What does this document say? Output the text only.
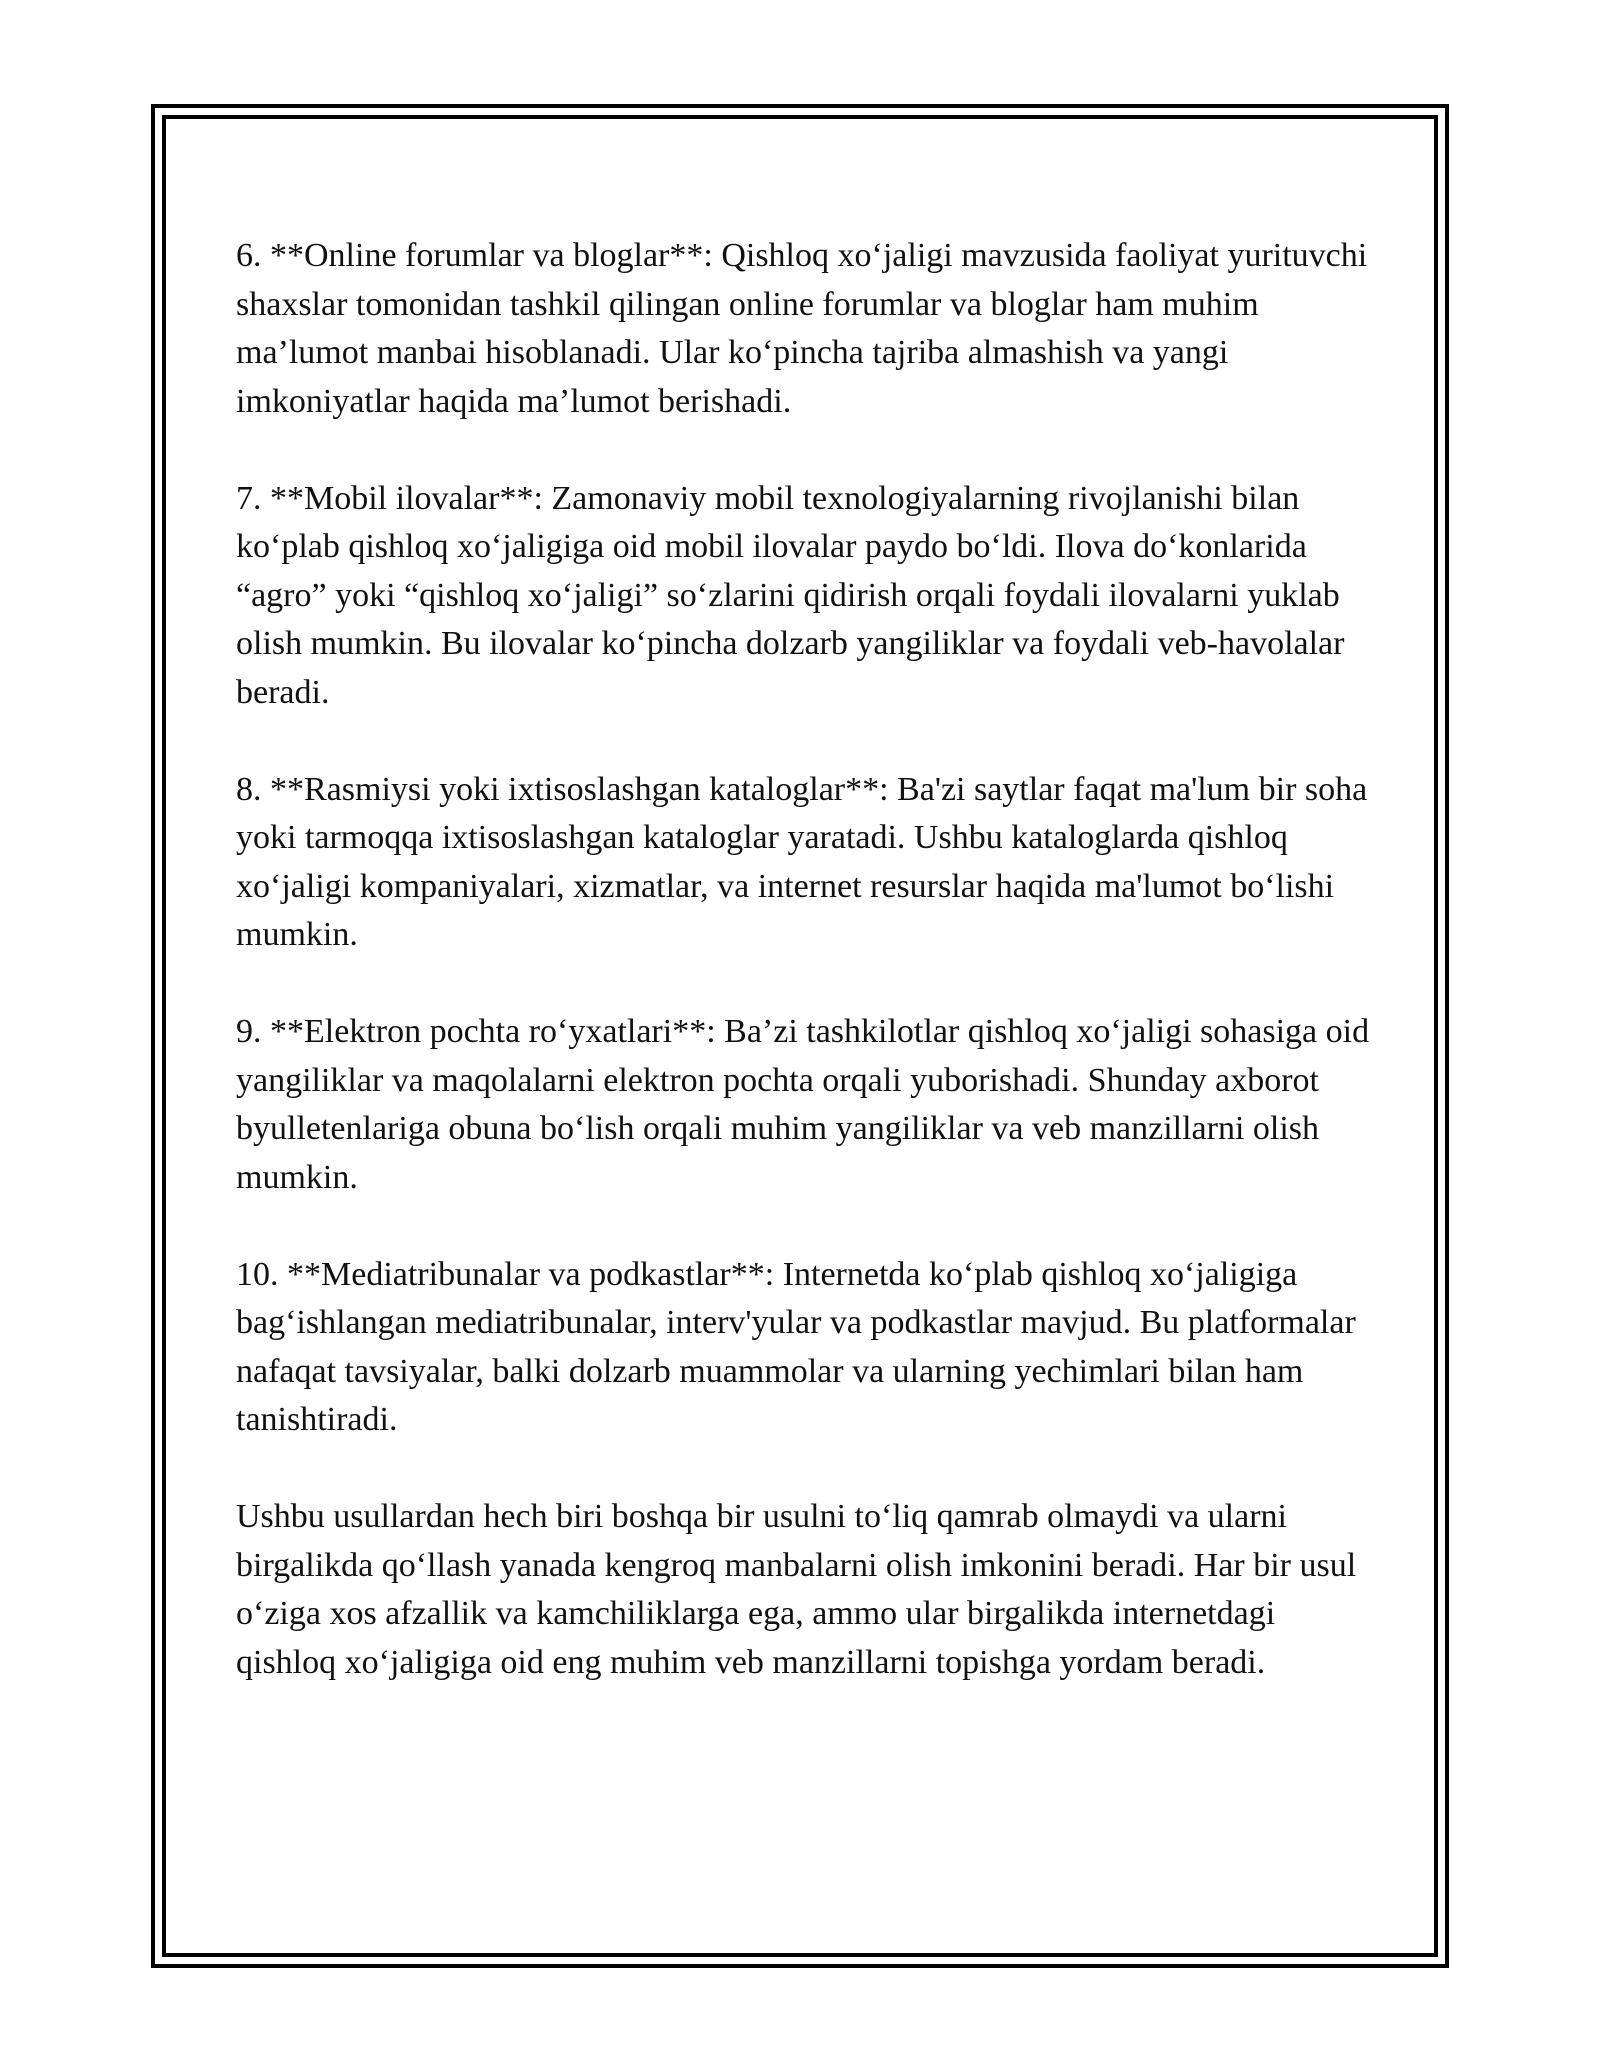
6. **Online forumlar va bloglar**: Qishloq xo‘jaligi mavzusida faoliyat yurituvchi shaxslar tomonidan tashkil qilingan online forumlar va bloglar ham muhim ma’lumot manbai hisoblanadi. Ular ko‘pincha tajriba almashish va yangi imkoniyatlar haqida ma’lumot berishadi.

7. **Mobil ilovalar**: Zamonaviy mobil texnologiyalarning rivojlanishi bilan ko‘plab qishloq xo‘jaligiga oid mobil ilovalar paydo bo‘ldi. Ilova do‘konlarida “agro” yoki “qishloq xo‘jaligi” so‘zlarini qidirish orqali foydali ilovalarni yuklab olish mumkin. Bu ilovalar ko‘pincha dolzarb yangiliklar va foydali veb-havolalar beradi.

8. **Rasmiysi yoki ixtisoslashgan kataloglar**: Ba'zi saytlar faqat ma'lum bir soha yoki tarmoqqa ixtisoslashgan kataloglar yaratadi. Ushbu kataloglarda qishloq xo‘jaligi kompaniyalari, xizmatlar, va internet resurslar haqida ma'lumot bo‘lishi mumkin.

9. **Elektron pochta ro‘yxatlari**: Ba’zi tashkilotlar qishloq xo‘jaligi sohasiga oid yangiliklar va maqolalarni elektron pochta orqali yuborishadi. Shunday axborot byulletenlariga obuna bo‘lish orqali muhim yangiliklar va veb manzillarni olish mumkin.

10. **Mediatribunalar va podkastlar**: Internetda ko‘plab qishloq xo‘jaligiga bag‘ishlangan mediatribunalar, interv'yular va podkastlar mavjud. Bu platformalar nafaqat tavsiyalar, balki dolzarb muammolar va ularning yechimlari bilan ham tanishtiradi.

Ushbu usullardan hech biri boshqa bir usulni to‘liq qamrab olmaydi va ularni birgalikda qo‘llash yanada kengroq manbalarni olish imkonini beradi. Har bir usul o‘ziga xos afzallik va kamchiliklarga ega, ammo ular birgalikda internetdagi qishloq xo‘jaligiga oid eng muhim veb manzillarni topishga yordam beradi.
